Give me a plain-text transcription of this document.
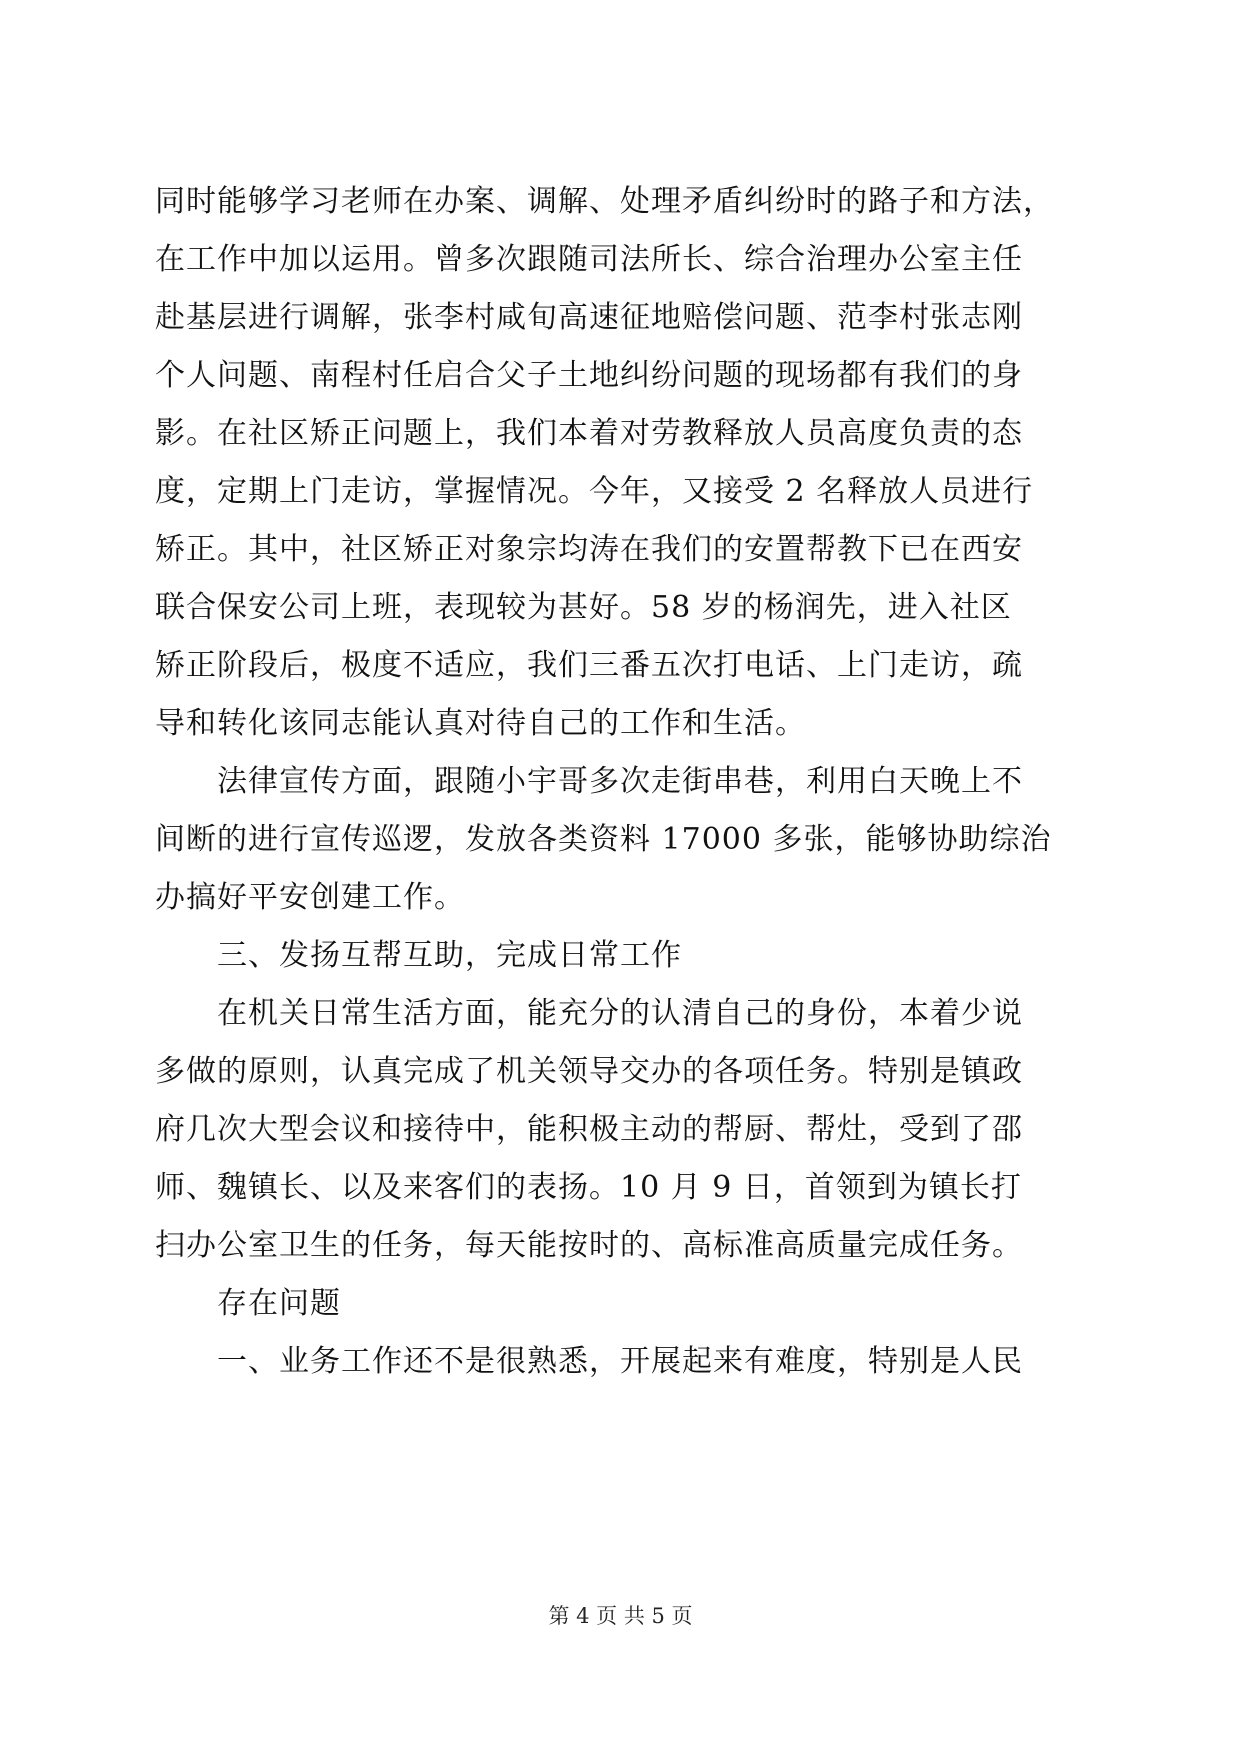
同时能够学习老师在办案、调解、处理矛盾纠纷时的路子和方法，
在工作中加以运用。曾多次跟随司法所长、综合治理办公室主任
赴基层进行调解，张李村咸旬高速征地赔偿问题、范李村张志刚
个人问题、南程村任启合父子土地纠纷问题的现场都有我们的身
影。在社区矫正问题上，我们本着对劳教释放人员高度负责的态
度，定期上门走访，掌握情况。今年，又接受 2 名释放人员进行
矫正。其中，社区矫正对象宗均涛在我们的安置帮教下已在西安
联合保安公司上班，表现较为甚好。58 岁的杨润先，进入社区
矫正阶段后，极度不适应，我们三番五次打电话、上门走访，疏
导和转化该同志能认真对待自己的工作和生活。
　　法律宣传方面，跟随小宇哥多次走街串巷，利用白天晚上不
间断的进行宣传巡逻，发放各类资料 17000 多张，能够协助综治
办搞好平安创建工作。
　　三、发扬互帮互助，完成日常工作
　　在机关日常生活方面，能充分的认清自己的身份，本着少说
多做的原则，认真完成了机关领导交办的各项任务。特别是镇政
府几次大型会议和接待中，能积极主动的帮厨、帮灶，受到了邵
师、魏镇长、以及来客们的表扬。10 月 9 日，首领到为镇长打
扫办公室卫生的任务，每天能按时的、高标准高质量完成任务。
　　存在问题
　　一、业务工作还不是很熟悉，开展起来有难度，特别是人民
第 4 页 共 5 页
